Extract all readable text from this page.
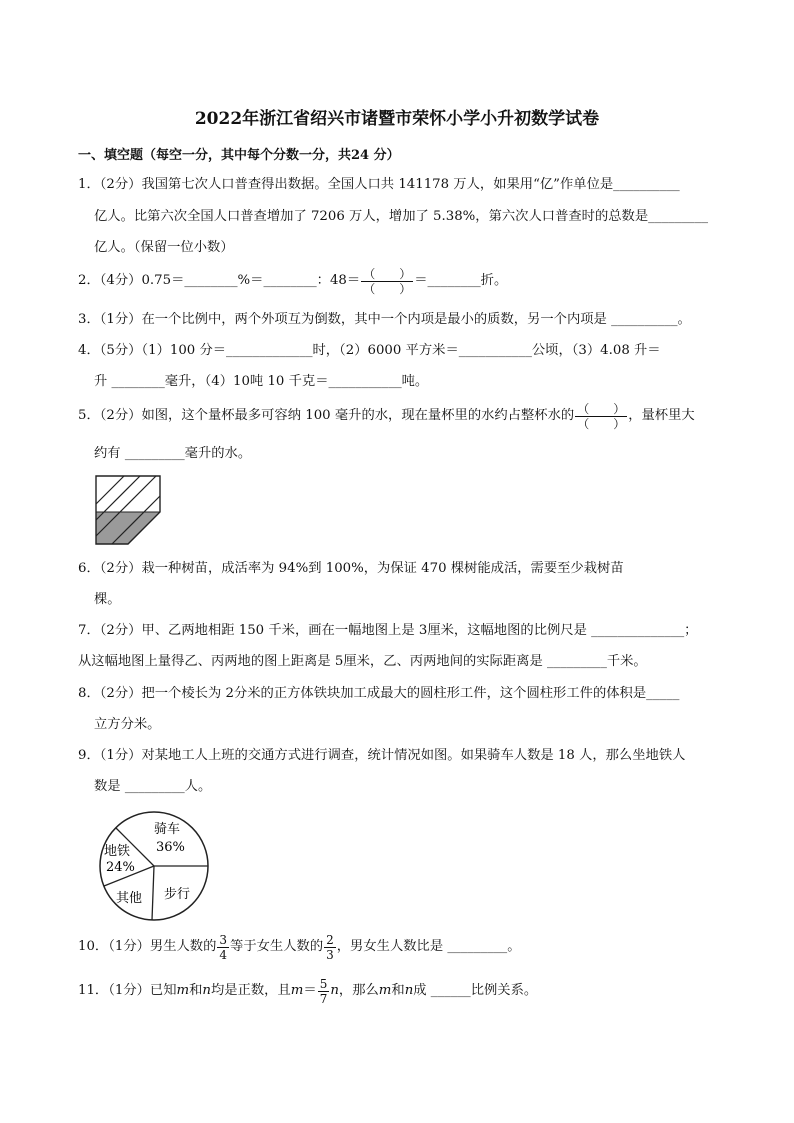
2022年浙江省绍兴市诸暨市荣怀小学小升初数学试卷
一、填空题（每空一分，其中每个分数一分，共24 分）
1．（2分）我国第七次人口普查得出数据。全国人口共 141178 万人，如果用“亿”作单位是__________
亿人。比第六次全国人口普查增加了 7206 万人，增加了 5.38%，第六次人口普查时的总数是_________
亿人。（保留一位小数）
2．（4分）0.75＝________%＝________：$48= \frac{( )}{( )}$ ＝________折。
3．（1分）在一个比例中，两个外项互为倒数，其中一个内项是最小的质数，另一个内项是 __________。
4．（5分）（1）100 分＝_____________时，（2）6000 平方米＝___________公顷，（3）4.08 升＝
升 ________毫升，（4）10吨 10 千克＝___________吨。
5．（2分）如图，这个量杯最多可容纳 100 毫升的水，现在量杯里的水约占整杯水的 $\frac{( )}{( )}$ ，量杯里大
约有 _________毫升的水。
6．（2分）栽一种树苗，成活率为 94%到 100%，为保证 470 棵树能成活，需要至少栽树苗
棵。
7．（2分）甲、乙两地相距 150 千米，画在一幅地图上是 3厘米，这幅地图的比例尺是 ______________；
从这幅地图上量得乙、丙两地的图上距离是 5厘米，乙、丙两地间的实际距离是 _________千米。
8．（2分）把一个棱长为 2分米的正方体铁块加工成最大的圆柱形工件，这个圆柱形工件的体积是_____
立方分米。
9．（1分）对某地工人上班的交通方式进行调查，统计情况如图。如果骑车人数是 18 人，那么坐地铁人
数是 _________人。
骑车
36%
地铁
24%
步行
其他
10．（1分）男生人数的 $\frac{3}{4}$ 等于女生人数的 $\frac{2}{3}$ ，男女生人数比是 _________。
11．（1分）已知 m 和 n 均是正数，且 $m = \frac{5}{7}$ n ，那么 m 和 n 成 ______比例关系。
